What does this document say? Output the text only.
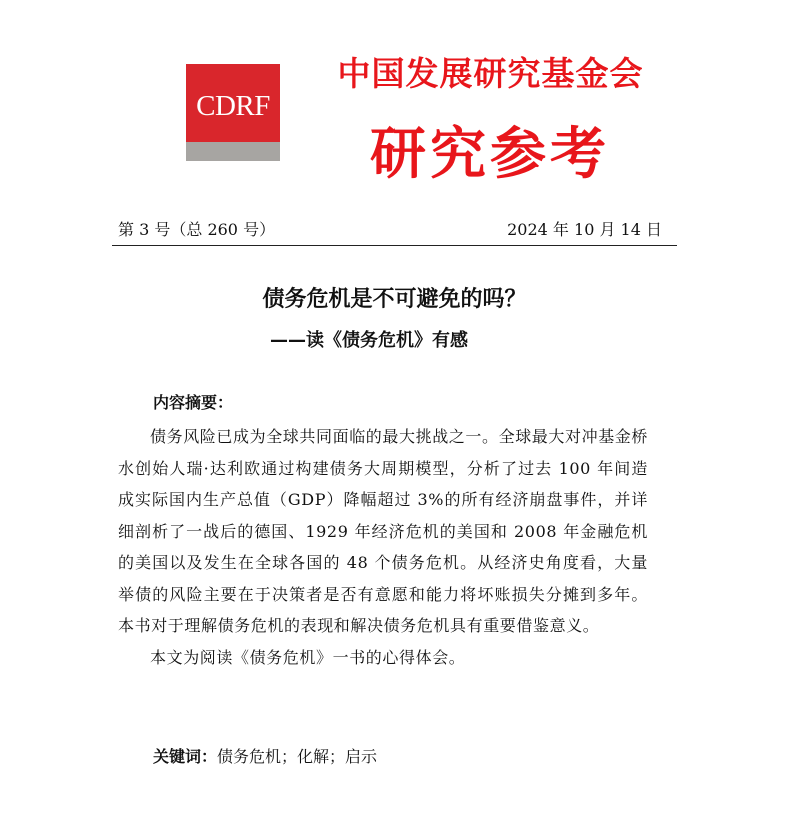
CDRF
中国发展研究基金会
研究参考
第 3 号（总 260 号）	2024 年 10 月 14 日
债务危机是不可避免的吗？
——读《债务危机》有感
内容摘要：

债务风险已成为全球共同面临的最大挑战之一。全球最大对冲基金桥水创始人瑞·达利欧通过构建债务大周期模型，分析了过去 100 年间造成实际国内生产总值（GDP）降幅超过 3%的所有经济崩盘事件，并详细剖析了一战后的德国、1929 年经济危机的美国和 2008 年金融危机的美国以及发生在全球各国的 48 个债务危机。从经济史角度看，大量举债的风险主要在于决策者是否有意愿和能力将坏账损失分摊到多年。本书对于理解债务危机的表现和解决债务危机具有重要借鉴意义。

本文为阅读《债务危机》一书的心得体会。

关键词：债务危机；化解；启示
